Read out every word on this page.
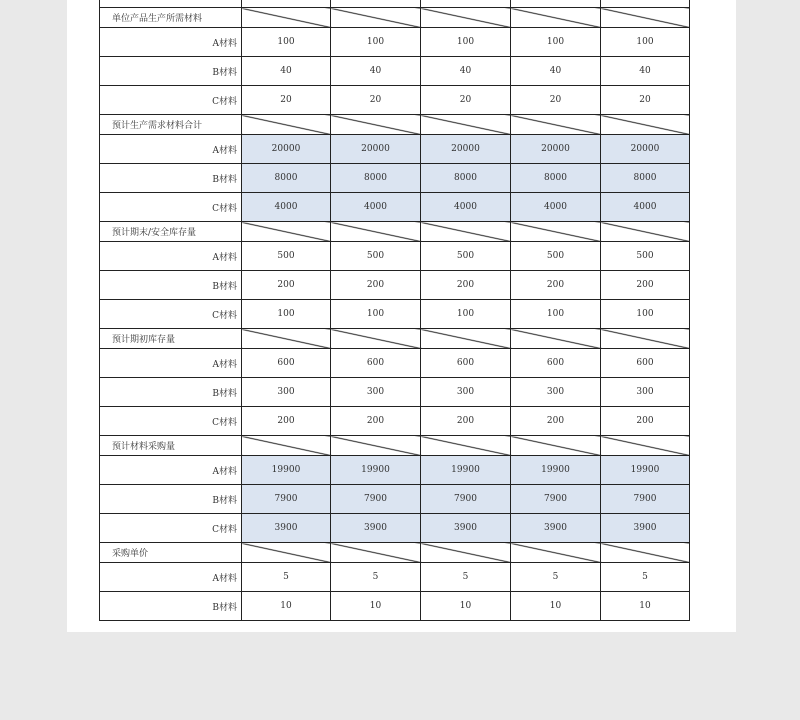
单位产品生产所需材料					
A材料	100	100	100	100	100
B材料	40	40	40	40	40
C材料	20	20	20	20	20
预计生产需求材料合计					
A材料	20000	20000	20000	20000	20000
B材料	8000	8000	8000	8000	8000
C材料	4000	4000	4000	4000	4000
预计期末/安全库存量					
A材料	500	500	500	500	500
B材料	200	200	200	200	200
C材料	100	100	100	100	100
预计期初库存量					
A材料	600	600	600	600	600
B材料	300	300	300	300	300
C材料	200	200	200	200	200
预计材料采购量					
A材料	19900	19900	19900	19900	19900
B材料	7900	7900	7900	7900	7900
C材料	3900	3900	3900	3900	3900
采购单价					
A材料	5	5	5	5	5
B材料	10	10	10	10	10
